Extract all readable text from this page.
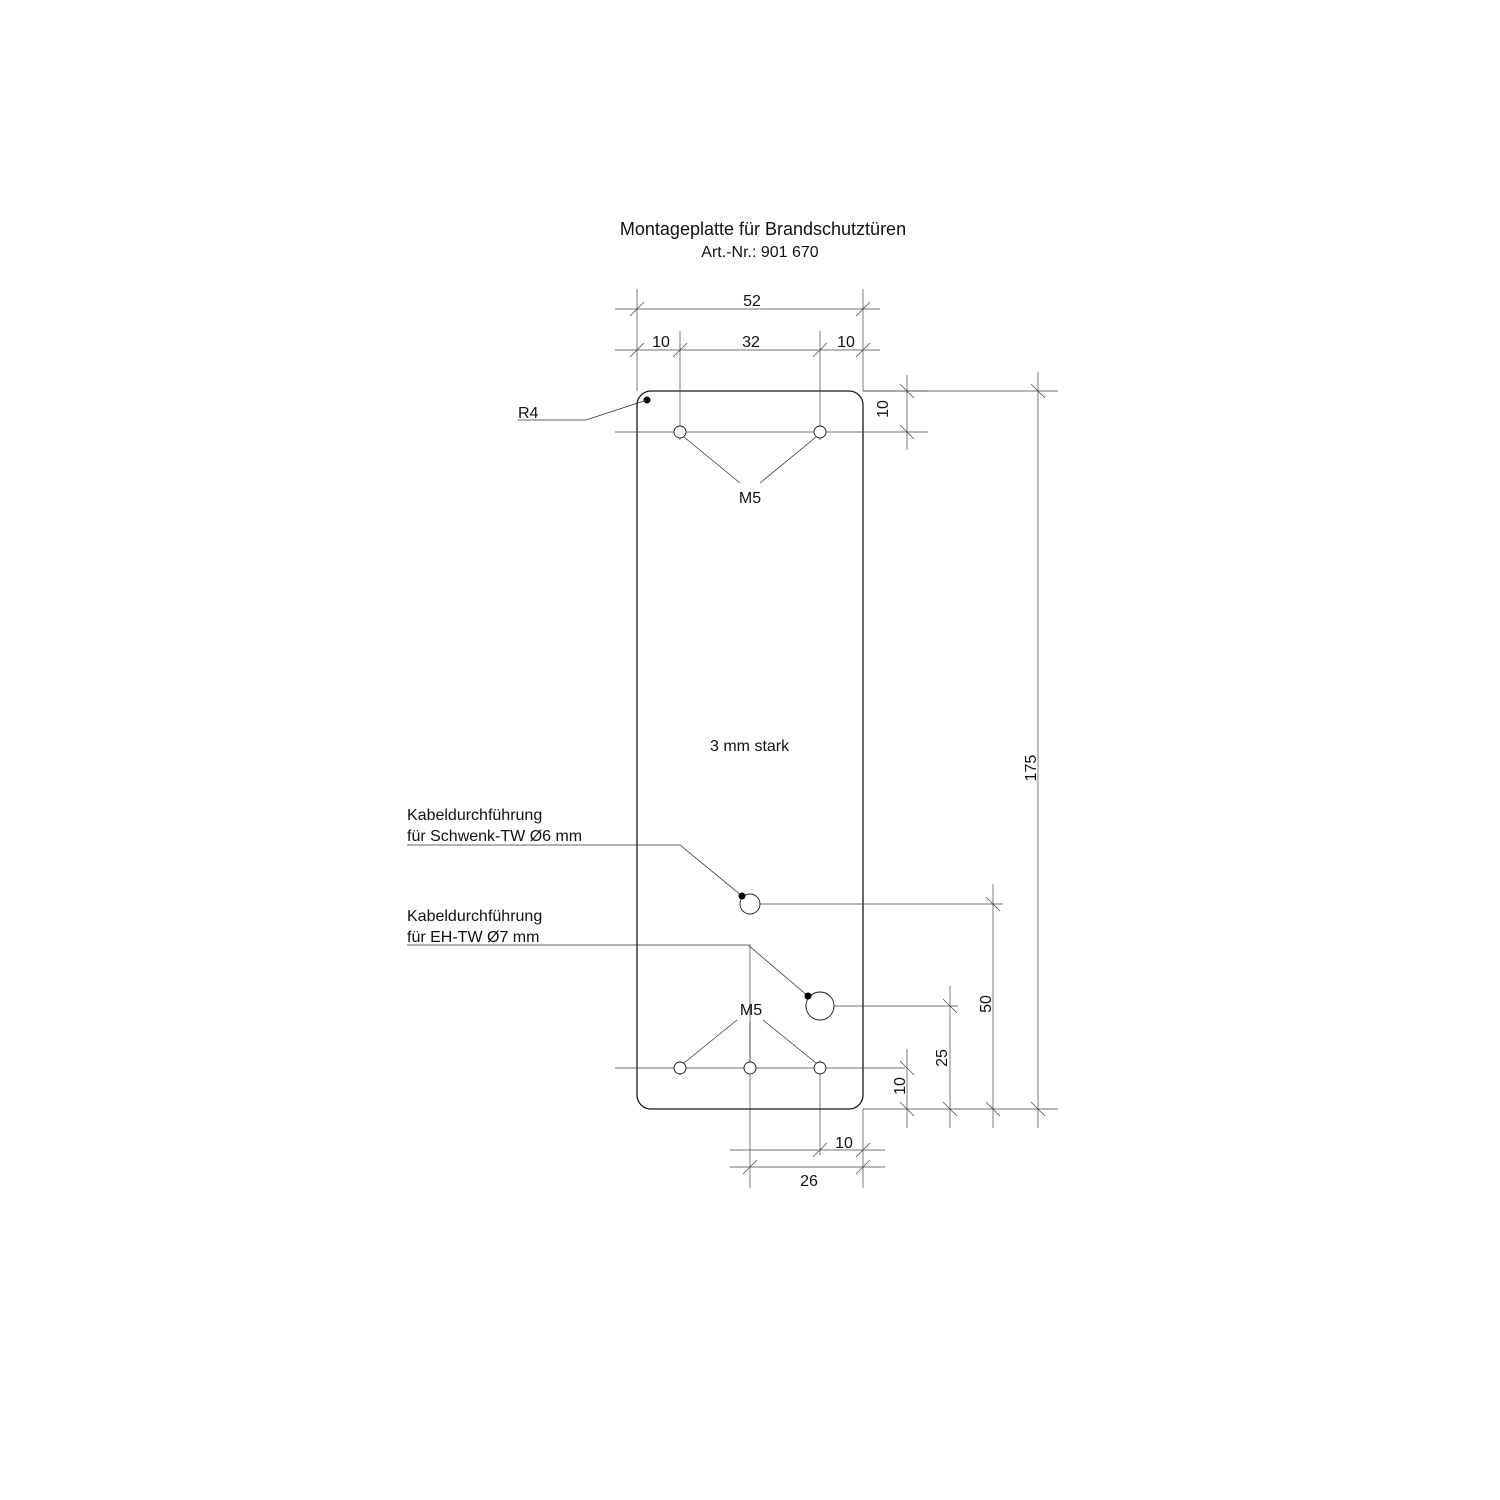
Montageplatte für Brandschutztüren
Art.-Nr.: 901 670
3 mm stark
M5
M5
R4
Kabeldurchführung
für Schwenk-TW Ø6 mm
Kabeldurchführung
für EH-TW Ø7 mm
52
10	32	10
10
175
50
25
10
10
26
